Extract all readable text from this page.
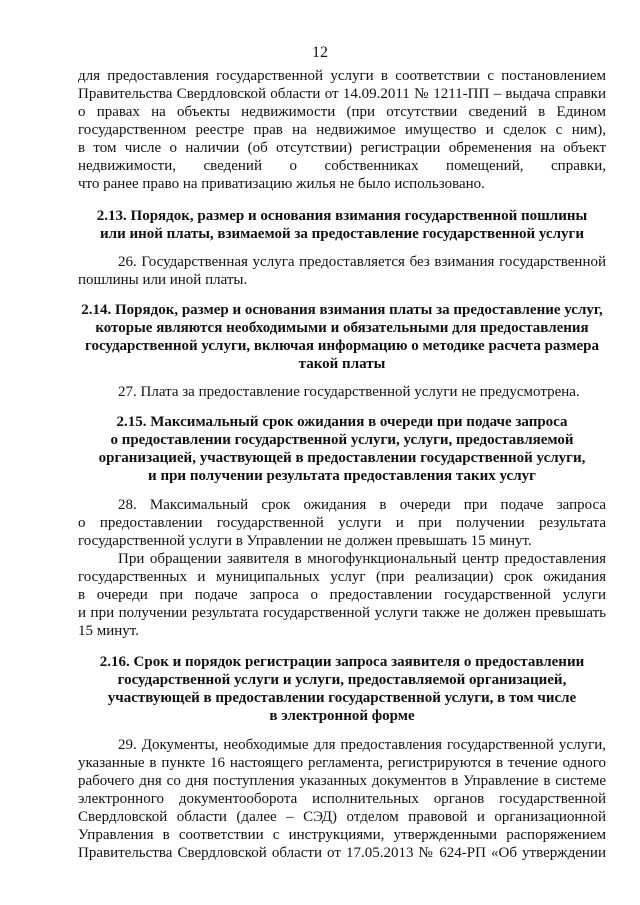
12
для предоставления государственной услуги в соответствии с постановлением
Правительства Свердловской области от 14.09.2011 № 1211-ПП – выдача справки
о правах на объекты недвижимости (при отсутствии сведений в Едином
государственном реестре прав на недвижимое имущество и сделок с ним),
в том числе о наличии (об отсутствии) регистрации обременения на объект
недвижимости, сведений о собственниках помещений, справки,
что ранее право на приватизацию жилья не было использовано.
2.13. Порядок, размер и основания взимания государственной пошлины
или иной платы, взимаемой за предоставление государственной услуги
26. Государственная услуга предоставляется без взимания государственной
пошлины или иной платы.
2.14. Порядок, размер и основания взимания платы за предоставление услуг,
которые являются необходимыми и обязательными для предоставления
государственной услуги, включая информацию о методике расчета размера
такой платы
27. Плата за предоставление государственной услуги не предусмотрена.
2.15. Максимальный срок ожидания в очереди при подаче запроса
о предоставлении государственной услуги, услуги, предоставляемой
организацией, участвующей в предоставлении государственной услуги,
и при получении результата предоставления таких услуг
28. Максимальный срок ожидания в очереди при подаче запроса
о предоставлении государственной услуги и при получении результата
государственной услуги в Управлении не должен превышать 15 минут.
При обращении заявителя в многофункциональный центр предоставления
государственных и муниципальных услуг (при реализации) срок ожидания
в очереди при подаче запроса о предоставлении государственной услуги
и при получении результата государственной услуги также не должен превышать
15 минут.
2.16. Срок и порядок регистрации запроса заявителя о предоставлении
государственной услуги и услуги, предоставляемой организацией,
участвующей в предоставлении государственной услуги, в том числе
в электронной форме
29. Документы, необходимые для предоставления государственной услуги,
указанные в пункте 16 настоящего регламента, регистрируются в течение одного
рабочего дня со дня поступления указанных документов в Управление в системе
электронного документооборота исполнительных органов государственной
Свердловской области (далее – СЭД) отделом правовой и организационной
Управления в соответствии с инструкциями, утвержденными распоряжением
Правительства Свердловской области от 17.05.2013 № 624-РП «Об утверждении
